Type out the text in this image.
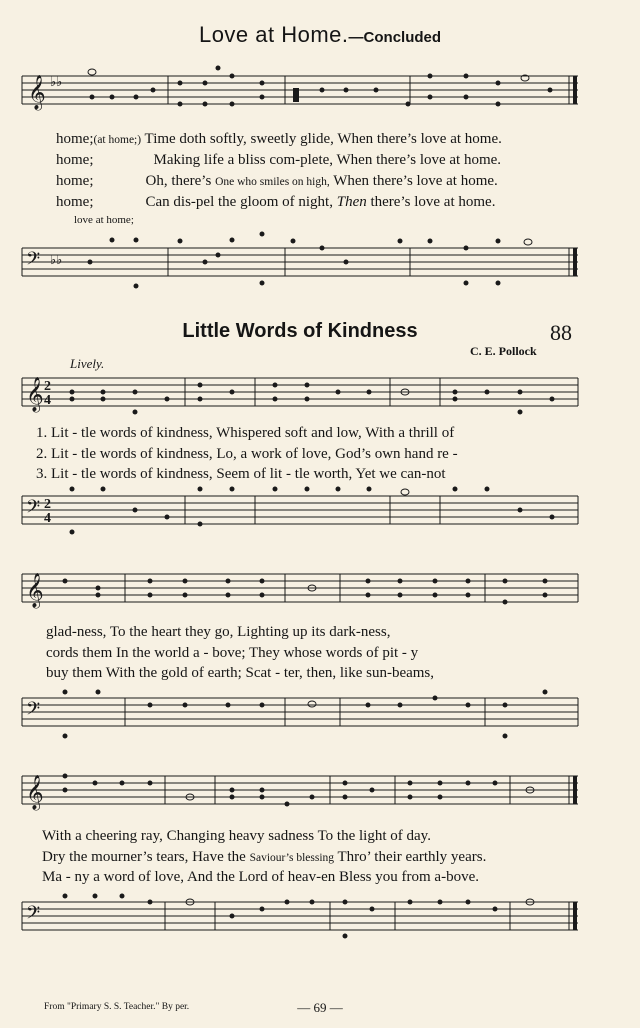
Love at Home.—Concluded
𝄞 ♭♭
home;(at home;) Time doth softly, sweetly glide, When there’s love at home.
home;	Making life a bliss com-plete, When there’s love at home.
home;	Oh, there’s One who smiles on high, When there’s love at home.
home;	Can dis-pel the gloom of night, Then there’s love at home.
love at home;
𝄢 ♭♭
Little Words of Kindness	88
C. E. Pollock
Lively.
𝄞 2
4
1. Lit - tle words of kindness, Whispered soft and low, With a thrill of
2. Lit - tle words of kindness, Lo, a work of love, God’s own hand re -
3. Lit - tle words of kindness, Seem of lit - tle worth, Yet we can-not
𝄢 2
4
𝄞
glad-ness, To the heart they go, Lighting up its dark-ness,
cords them In the world a - bove; They whose words of pit - y
buy them With the gold of earth; Scat - ter, then, like sun-beams,
𝄢
𝄞
With a cheering ray, Changing heavy sadness To the light of day.
Dry the mourner’s tears, Have the Saviour’s blessing Thro’ their earthly years.
Ma - ny a word of love, And the Lord of heav-en Bless you from a-bove.
𝄢
From "Primary S. S. Teacher." By per.	— 69 —
